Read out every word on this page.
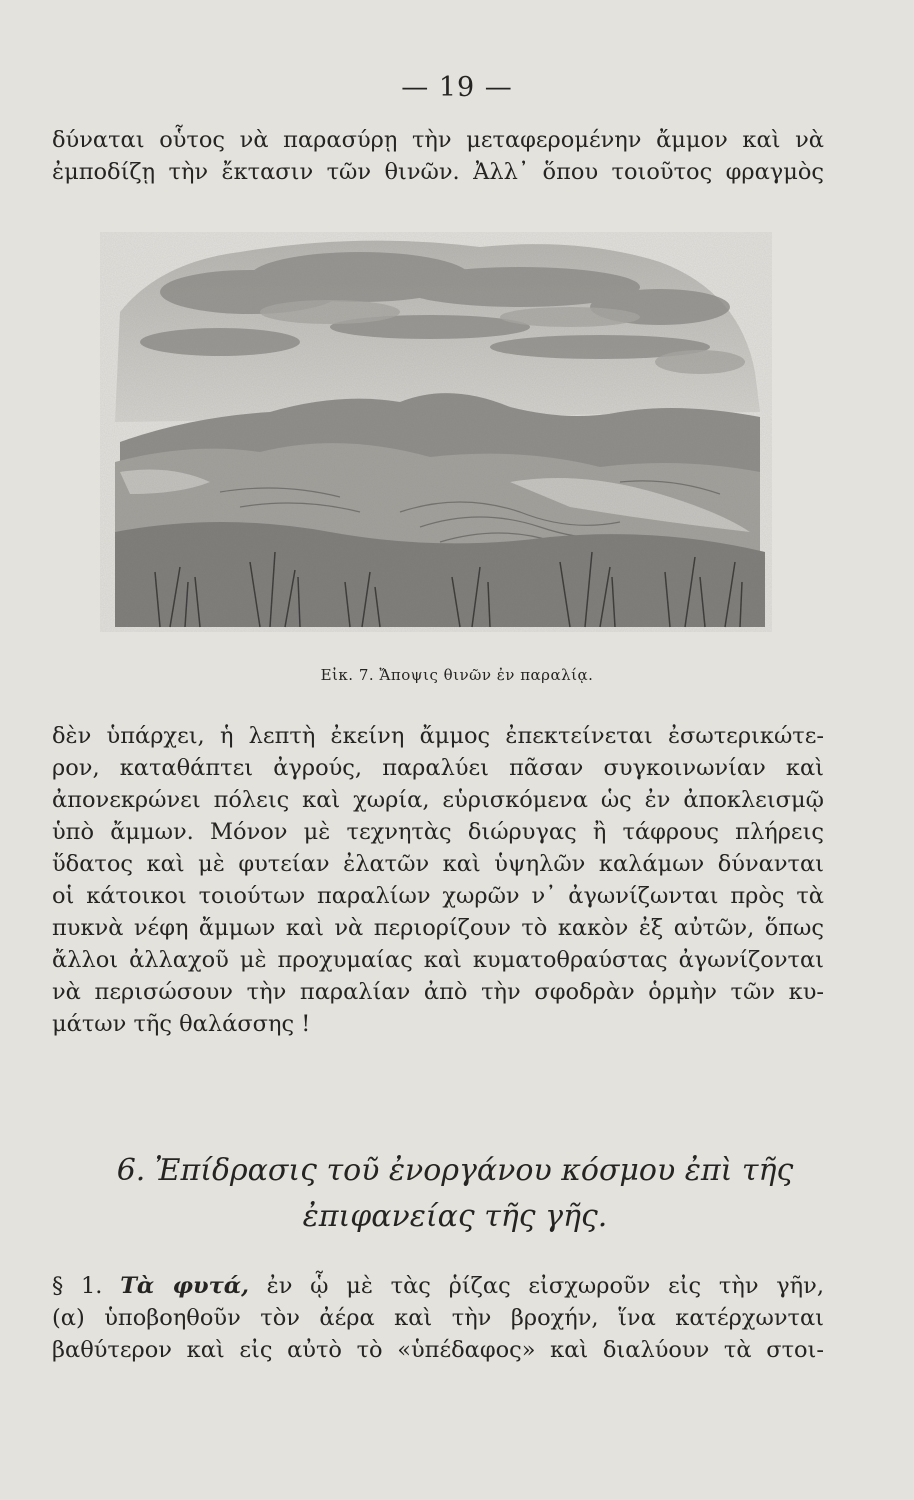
— 19 —
δύναται οὗτος νὰ παρασύρῃ τὴν μεταφερομένην ἄμμον καὶ νὰ
ἐμποδίζῃ τὴν ἔκτασιν τῶν θινῶν. Ἀλλ᾽ ὅπου τοιοῦτος φραγμὸς
Εἰκ. 7. Ἄποψις θινῶν ἐν παραλίᾳ.
δὲν ὑπάρχει, ἡ λεπτὴ ἐκείνη ἄμμος ἐπεκτείνεται ἐσωτερικώτε-
ρον, καταθάπτει ἀγρούς, παραλύει πᾶσαν συγκοινωνίαν καὶ
ἀπονεκρώνει πόλεις καὶ χωρία, εὑρισκόμενα ὡς ἐν ἀποκλεισμῷ
ὑπὸ ἄμμων. Μόνον μὲ τεχνητὰς διώρυγας ἢ τάφρους πλήρεις
ὕδατος καὶ μὲ φυτείαν ἐλατῶν καὶ ὑψηλῶν καλάμων δύνανται
οἱ κάτοικοι τοιούτων παραλίων χωρῶν ν᾽ ἀγωνίζωνται πρὸς τὰ
πυκνὰ νέφη ἄμμων καὶ νὰ περιορίζουν τὸ κακὸν ἐξ αὐτῶν, ὅπως
ἄλλοι ἀλλαχοῦ μὲ προχυμαίας καὶ κυματοθραύστας ἀγωνίζονται
νὰ περισώσουν τὴν παραλίαν ἀπὸ τὴν σφοδρὰν ὁρμὴν τῶν κυ-
μάτων τῆς θαλάσσης !
6. Ἐπίδρασις τοῦ ἐνοργάνου κόσμου ἐπὶ τῆς
ἐπιφανείας τῆς γῆς.
§ 1. Τὰ φυτά, ἐν ᾧ μὲ τὰς ῥίζας εἰσχωροῦν εἰς τὴν γῆν,
(α) ὑποβοηθοῦν τὸν ἀέρα καὶ τὴν βροχήν, ἵνα κατέρχωνται
βαθύτερον καὶ εἰς αὐτὸ τὸ «ὑπέδαφος» καὶ διαλύουν τὰ στοι-
